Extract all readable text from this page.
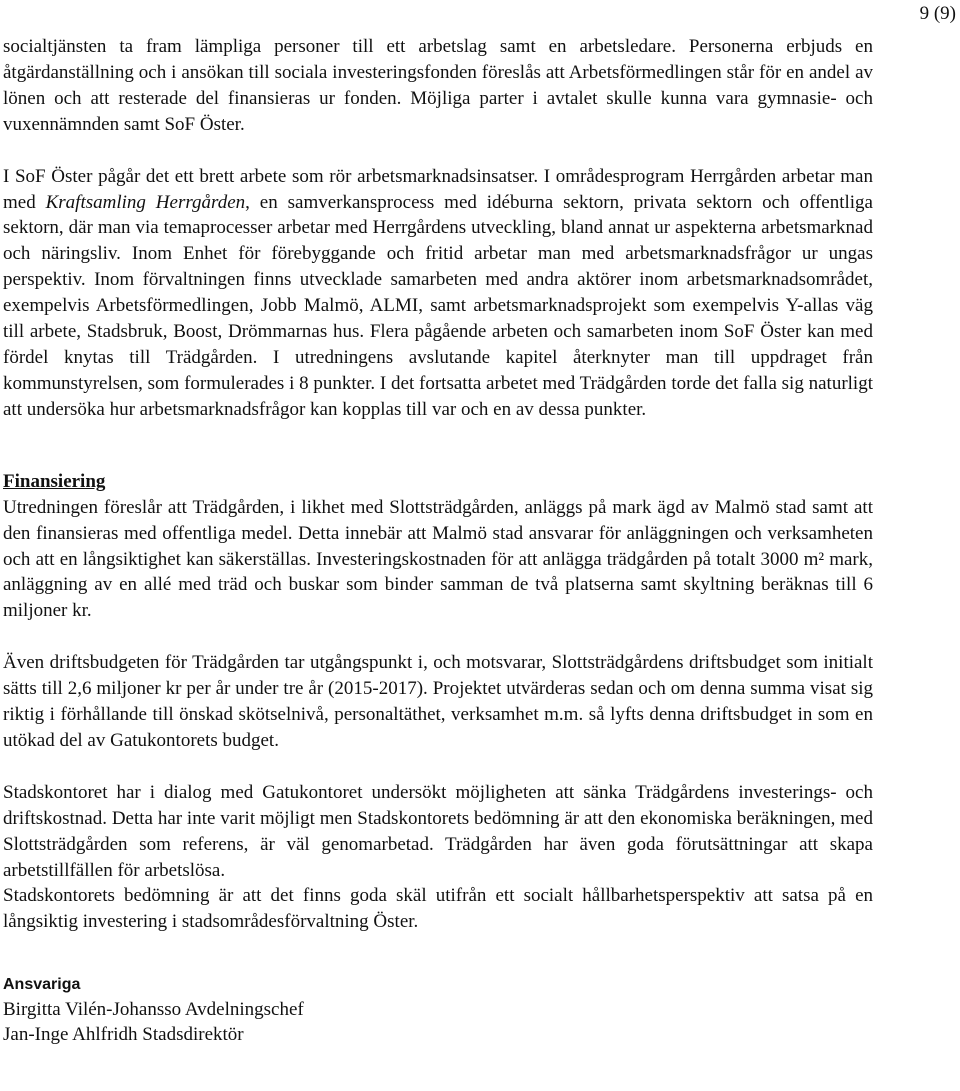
9 (9)

socialtjänsten ta fram lämpliga personer till ett arbetslag samt en arbetsledare. Personerna erbjuds en åtgärdanställning och i ansökan till sociala investeringsfonden föreslås att Arbetsförmedlingen står för en andel av lönen och att resterade del finansieras ur fonden. Möjliga parter i avtalet skulle kunna vara gymnasie- och vuxennämnden samt SoF Öster.

I SoF Öster pågår det ett brett arbete som rör arbetsmarknadsinsatser. I områdesprogram Herrgården arbetar man med Kraftsamling Herrgården, en samverkansprocess med idéburna sektorn, privata sektorn och offentliga sektorn, där man via temaprocesser arbetar med Herrgårdens utveckling, bland annat ur aspekterna arbetsmarknad och näringsliv. Inom Enhet för förebyggande och fritid arbetar man med arbetsmarknadsfrågor ur ungas perspektiv. Inom förvaltningen finns utvecklade samarbeten med andra aktörer inom arbetsmarknadsområdet, exempelvis Arbetsförmedlingen, Jobb Malmö, ALMI, samt arbetsmarknadsprojekt som exempelvis Y-allas väg till arbete, Stadsbruk, Boost, Drömmarnas hus. Flera pågående arbeten och samarbeten inom SoF Öster kan med fördel knytas till Trädgården. I utredningens avslutande kapitel återknyter man till uppdraget från kommunstyrelsen, som formulerades i 8 punkter. I det fortsatta arbetet med Trädgården torde det falla sig naturligt att undersöka hur arbetsmarknadsfrågor kan kopplas till var och en av dessa punkter.

Finansiering

Utredningen föreslår att Trädgården, i likhet med Slottsträdgården, anläggs på mark ägd av Malmö stad samt att den finansieras med offentliga medel. Detta innebär att Malmö stad ansvarar för anläggningen och verksamheten och att en långsiktighet kan säkerställas. Investeringskostnaden för att anlägga trädgården på totalt 3000 m² mark, anläggning av en allé med träd och buskar som binder samman de två platserna samt skyltning beräknas till 6 miljoner kr.

Även driftsbudgeten för Trädgården tar utgångspunkt i, och motsvarar, Slottsträdgårdens driftsbudget som initialt sätts till 2,6 miljoner kr per år under tre år (2015-2017). Projektet utvärderas sedan och om denna summa visat sig riktig i förhållande till önskad skötselnivå, personaltäthet, verksamhet m.m. så lyfts denna driftsbudget in som en utökad del av Gatukontorets budget.

Stadskontoret har i dialog med Gatukontoret undersökt möjligheten att sänka Trädgårdens investerings- och driftskostnad. Detta har inte varit möjligt men Stadskontorets bedömning är att den ekonomiska beräkningen, med Slottsträdgården som referens, är väl genomarbetad. Trädgården har även goda förutsättningar att skapa arbetstillfällen för arbetslösa.

Stadskontorets bedömning är att det finns goda skäl utifrån ett socialt hållbarhetsperspektiv att satsa på en långsiktig investering i stadsområdesförvaltning Öster.

Ansvariga

Birgitta Vilén-Johansso Avdelningschef

Jan-Inge Ahlfridh Stadsdirektör
